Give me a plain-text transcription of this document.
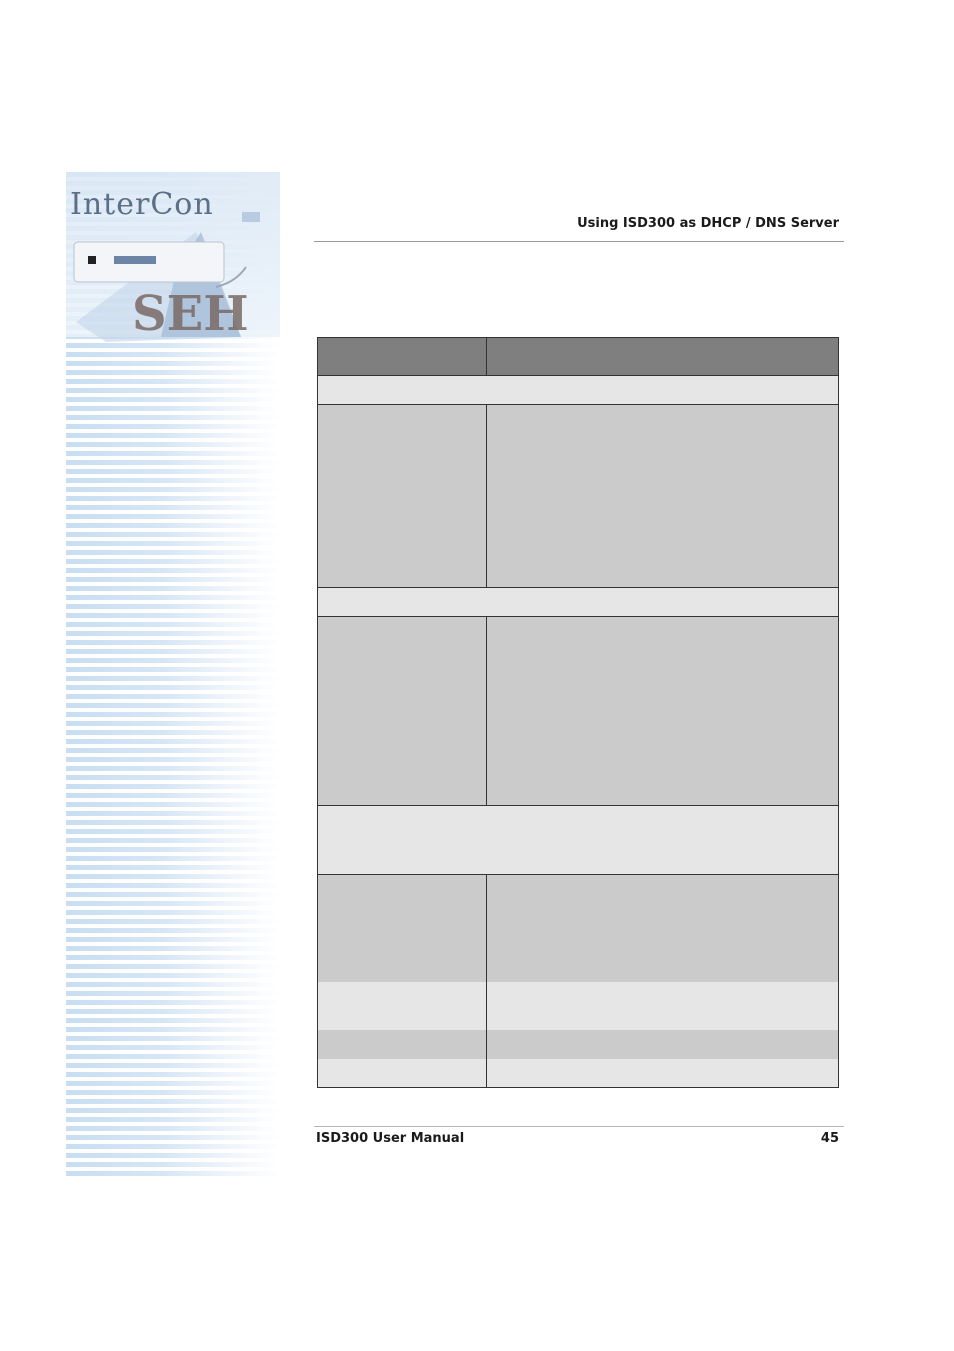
InterCon
SEH
Using ISD300 as DHCP / DNS Server
ISD300 User Manual	45
